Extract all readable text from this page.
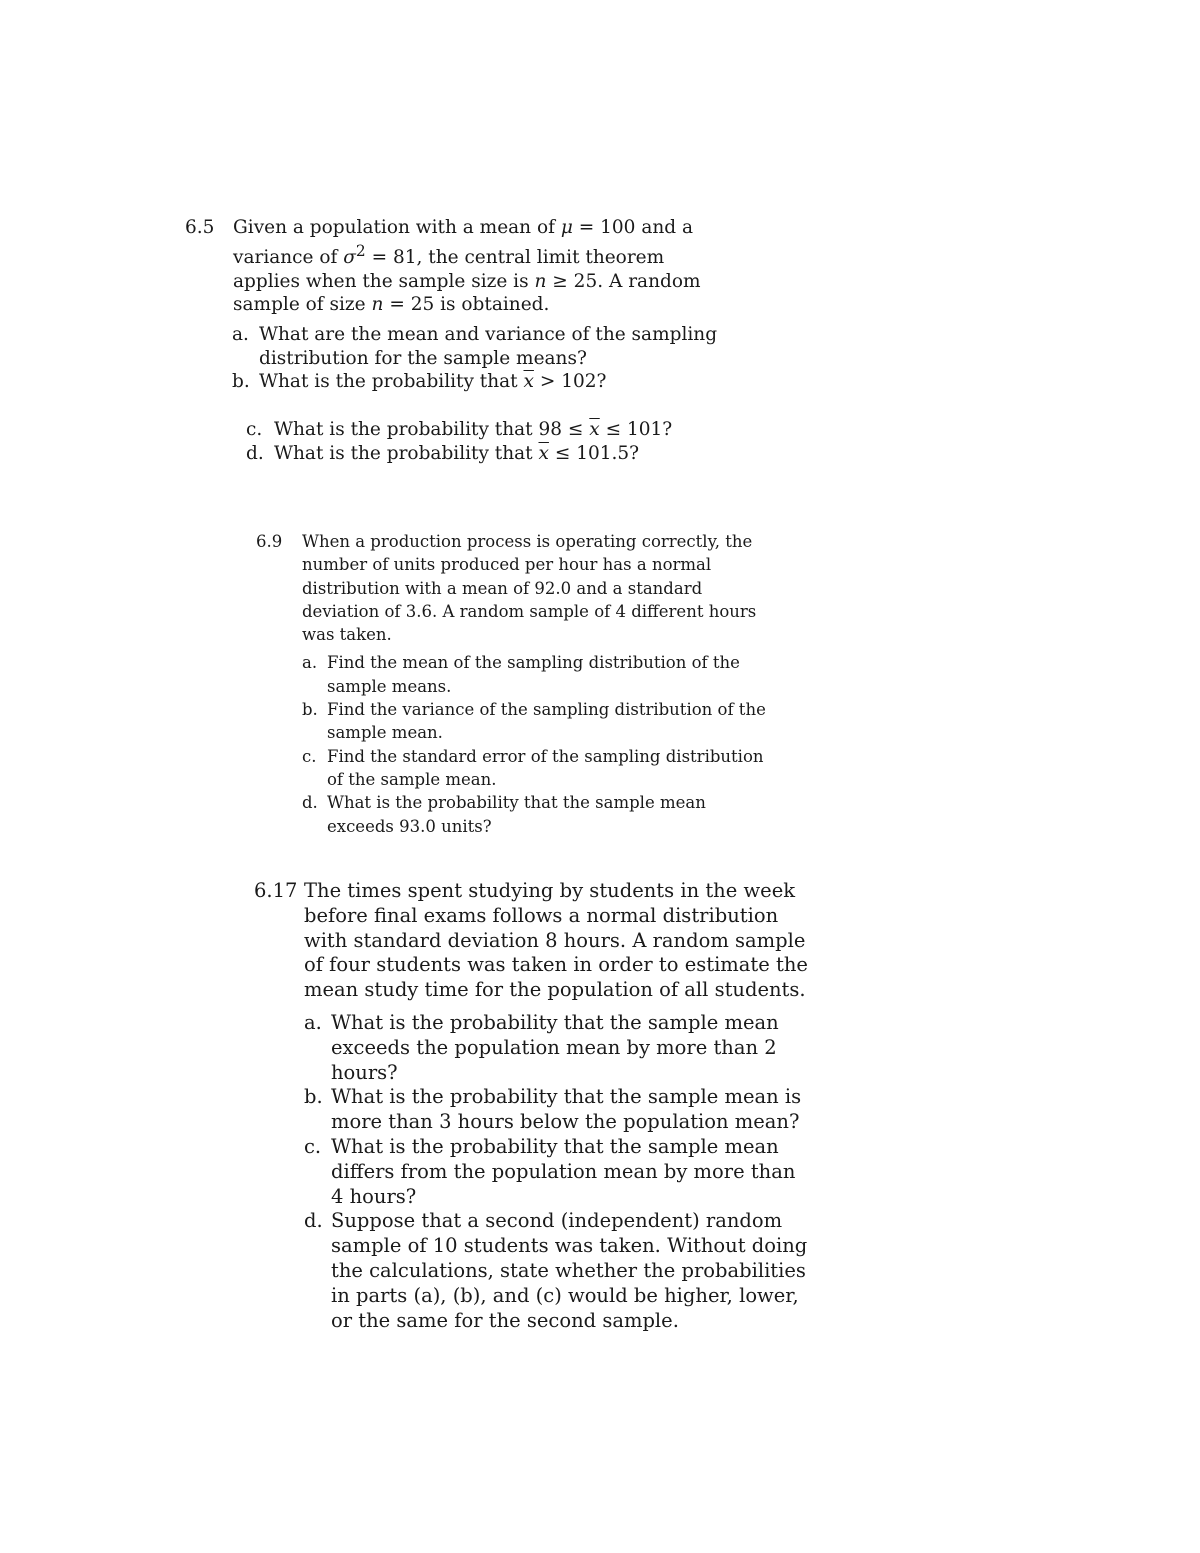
6.5 Given a population with a mean of μ = 100 and a variance of $\sigma^2 = 81$, the central limit theorem applies when the sample size is n ≥ 25. A random sample of size n = 25 is obtained.

a. What are the mean and variance of the sampling distribution for the sample means?
b. What is the probability that $\overline{x} > 102$?
c. What is the probability that $98 \le \overline{x} \le 101$?
d. What is the probability that $\overline{x} \le 101.5$?
6.9 When a production process is operating correctly, the number of units produced per hour has a normal distribution with a mean of 92.0 and a standard deviation of 3.6. A random sample of 4 different hours was taken.

a. Find the mean of the sampling distribution of the sample means.
b. Find the variance of the sampling distribution of the sample mean.
c. Find the standard error of the sampling distribution of the sample mean.
d. What is the probability that the sample mean exceeds 93.0 units?
6.17 The times spent studying by students in the week before final exams follows a normal distribution with standard deviation 8 hours. A random sample of four students was taken in order to estimate the mean study time for the population of all students.

a. What is the probability that the sample mean exceeds the population mean by more than 2 hours?
b. What is the probability that the sample mean is more than 3 hours below the population mean?
c. What is the probability that the sample mean differs from the population mean by more than 4 hours?
d. Suppose that a second (independent) random sample of 10 students was taken. Without doing the calculations, state whether the probabilities in parts (a), (b), and (c) would be higher, lower, or the same for the second sample.
